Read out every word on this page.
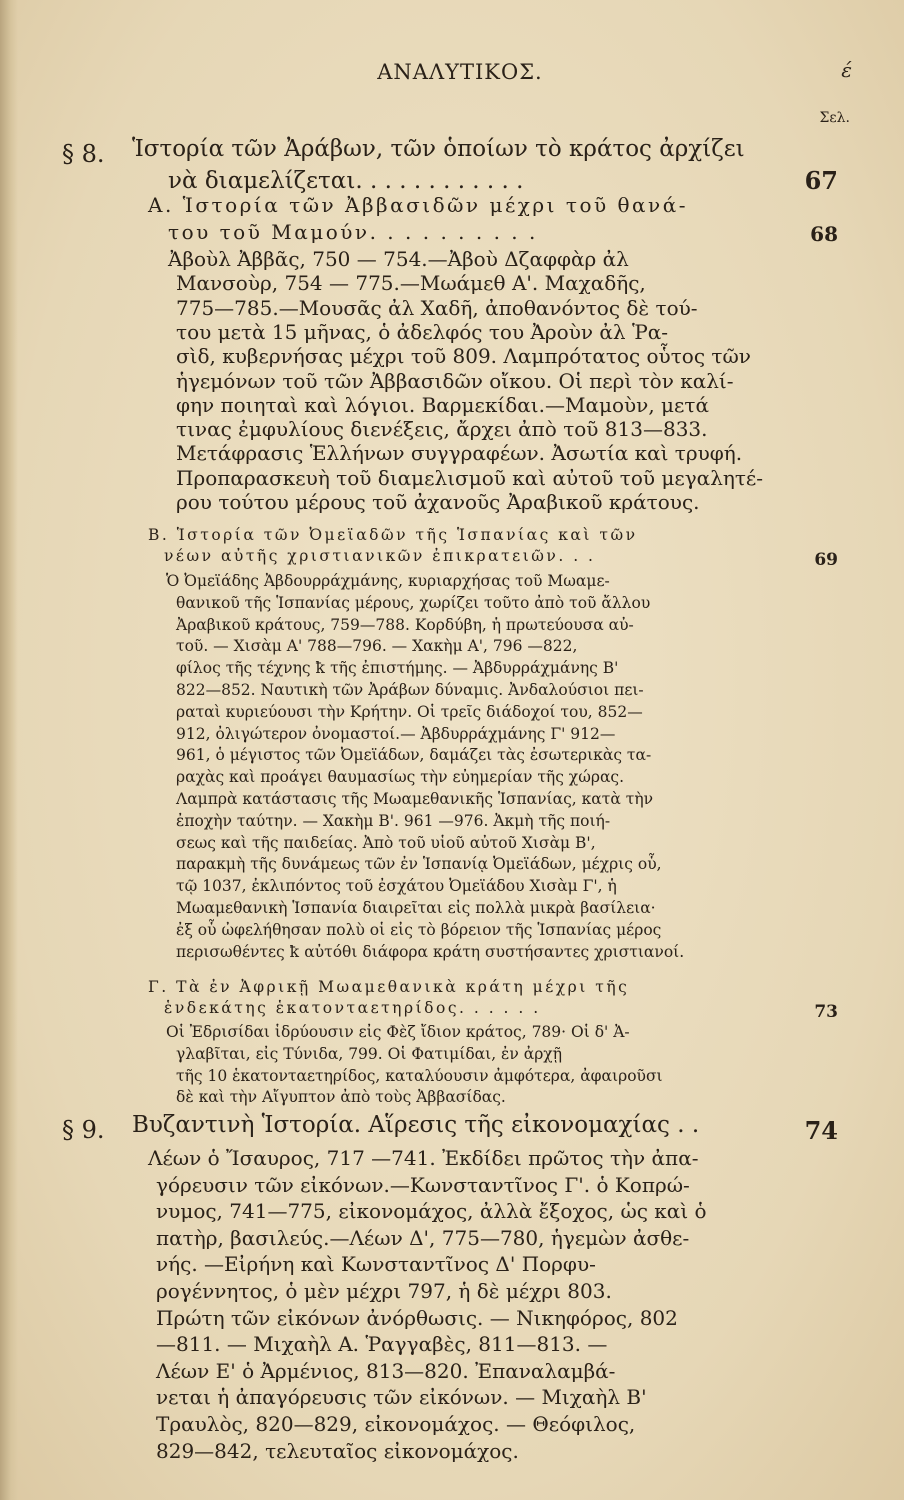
ΑΝΑΛΥΤΙΚΟΣ.	έ
Σελ.
§ 8. Ἱστορία τῶν Ἀράβων, τῶν ὁποίων τὸ κράτος ἀρχίζει
νὰ διαμελίζεται. . . . . . . . . . . .	67
Α. Ἱστορία τῶν Ἀββασιδῶν μέχρι τοῦ θανά-
του τοῦ Μαμούν. . . . . . . . . .	68
Ἀβοὺλ Ἀββᾶς, 750 — 754.—Ἀβοὺ Δζαφφὰρ ἀλ
Μανσοὺρ, 754 — 775.—Μωάμεθ Α'. Μαχαδῆς,
775—785.—Μουσᾶς ἀλ Χαδῆ, ἀποθανόντος δὲ τού-
του μετὰ 15 μῆνας, ὁ ἀδελφός του Ἀροὺν ἀλ Ῥα-
σὶδ, κυβερνήσας μέχρι τοῦ 809. Λαμπρότατος οὗτος τῶν
ἡγεμόνων τοῦ τῶν Ἀββασιδῶν οἴκου. Οἱ περὶ τὸν καλί-
φην ποιηταὶ καὶ λόγιοι. Βαρμεκίδαι.—Μαμοὺν, μετά
τινας ἐμφυλίους διενέξεις, ἄρχει ἀπὸ τοῦ 813—833.
Μετάφρασις Ἑλλήνων συγγραφέων. Ἀσωτία καὶ τρυφή.
Προπαρασκευὴ τοῦ διαμελισμοῦ καὶ αὐτοῦ τοῦ μεγαλητέ-
ρου τούτου μέρους τοῦ ἀχανοῦς Ἀραβικοῦ κράτους.
Β. Ἱστορία τῶν Ὀμεϊαδῶν τῆς Ἱσπανίας καὶ τῶν
νέων αὐτῆς χριστιανικῶν ἐπικρατειῶν. . .	69
Ὁ Ὀμεϊάδης Ἀβδουρράχμάνης, κυριαρχήσας τοῦ Μωαμε-
θανικοῦ τῆς Ἱσπανίας μέρους, χωρίζει τοῦτο ἀπὸ τοῦ ἄλλου
Ἀραβικοῦ κράτους, 759—788. Κορδύβη, ἡ πρωτεύουσα αὐ-
τοῦ. — Χισὰμ Α' 788—796. — Χακὴμ Α', 796 —822,
φίλος τῆς τέχνης ꝁ τῆς ἐπιστήμης. — Ἀβδυρράχμάνης Β'
822—852. Ναυτικὴ τῶν Ἀράβων δύναμις. Ἀνδαλούσιοι πει-
ραταὶ κυριεύουσι τὴν Κρήτην. Οἱ τρεῖς διάδοχοί του, 852—
912, ὀλιγώτερον ὀνομαστοί.— Ἀβδυρράχμάνης Γ' 912—
961, ὁ μέγιστος τῶν Ὀμεϊάδων, δαμάζει τὰς ἐσωτερικὰς τα-
ραχὰς καὶ προάγει θαυμασίως τὴν εὐημερίαν τῆς χώρας.
Λαμπρὰ κατάστασις τῆς Μωαμεθανικῆς Ἱσπανίας, κατὰ τὴν
ἐποχὴν ταύτην. — Χακὴμ Β'. 961 —976. Ἀκμὴ τῆς ποιή-
σεως καὶ τῆς παιδείας. Ἀπὸ τοῦ υἱοῦ αὐτοῦ Χισὰμ Β',
παρακμὴ τῆς δυνάμεως τῶν ἐν Ἱσπανίᾳ Ὀμεϊάδων, μέχρις οὗ,
τῷ 1037, ἐκλιπόντος τοῦ ἐσχάτου Ὀμεϊάδου Χισὰμ Γ', ἡ
Μωαμεθανικὴ Ἱσπανία διαιρεῖται εἰς πολλὰ μικρὰ βασίλεια·
ἐξ οὗ ὠφελήθησαν πολὺ οἱ εἰς τὸ βόρειον τῆς Ἱσπανίας μέρος
περισωθέντες ꝁ αὐτόθι διάφορα κράτη συστήσαντες χριστιανοί.
Γ. Τὰ ἐν Ἀφρικῇ Μωαμεθανικὰ κράτη μέχρι τῆς
ἑνδεκάτης ἑκατονταετηρίδος. . . . . .	73
Οἱ Ἐδρισίδαι ἱδρύουσιν εἰς Φὲζ ἴδιον κράτος, 789· Οἱ δ' Ἀ-
γλαβῖται, εἰς Τύνιδα, 799. Οἱ Φατιμίδαι, ἐν ἀρχῇ
τῆς 10 ἑκατονταετηρίδος, καταλύουσιν ἀμφότερα, ἀφαιροῦσι
δὲ καὶ τὴν Αἴγυπτον ἀπὸ τοὺς Ἀββασίδας.
§ 9. Βυζαντινὴ Ἱστορία. Αἵρεσις τῆς εἰκονομαχίας . .	74
Λέων ὁ Ἴσαυρος, 717 —741. Ἐκδίδει πρῶτος τὴν ἀπα-
γόρευσιν τῶν εἰκόνων.—Κωνσταντῖνος Γ'. ὁ Κοπρώ-
νυμος, 741—775, εἰκονομάχος, ἀλλὰ ἔξοχος, ὡς καὶ ὁ
πατὴρ, βασιλεύς.—Λέων Δ', 775—780, ἡγεμὼν ἀσθε-
νής. —Εἰρήνη καὶ Κωνσταντῖνος Δ' Πορφυ-
ρογέννητος, ὁ μὲν μέχρι 797, ἡ δὲ μέχρι 803.
Πρώτη τῶν εἰκόνων ἀνόρθωσις. — Νικηφόρος, 802
—811. — Μιχαὴλ Α. Ῥαγγαβὲς, 811—813. —
Λέων Ε' ὁ Ἀρμένιος, 813—820. Ἐπαναλαμβά-
νεται ἡ ἀπαγόρευσις τῶν εἰκόνων. — Μιχαὴλ Β'
Τραυλὸς, 820—829, εἰκονομάχος. — Θεόφιλος,
829—842, τελευταῖος εἰκονομάχος.
